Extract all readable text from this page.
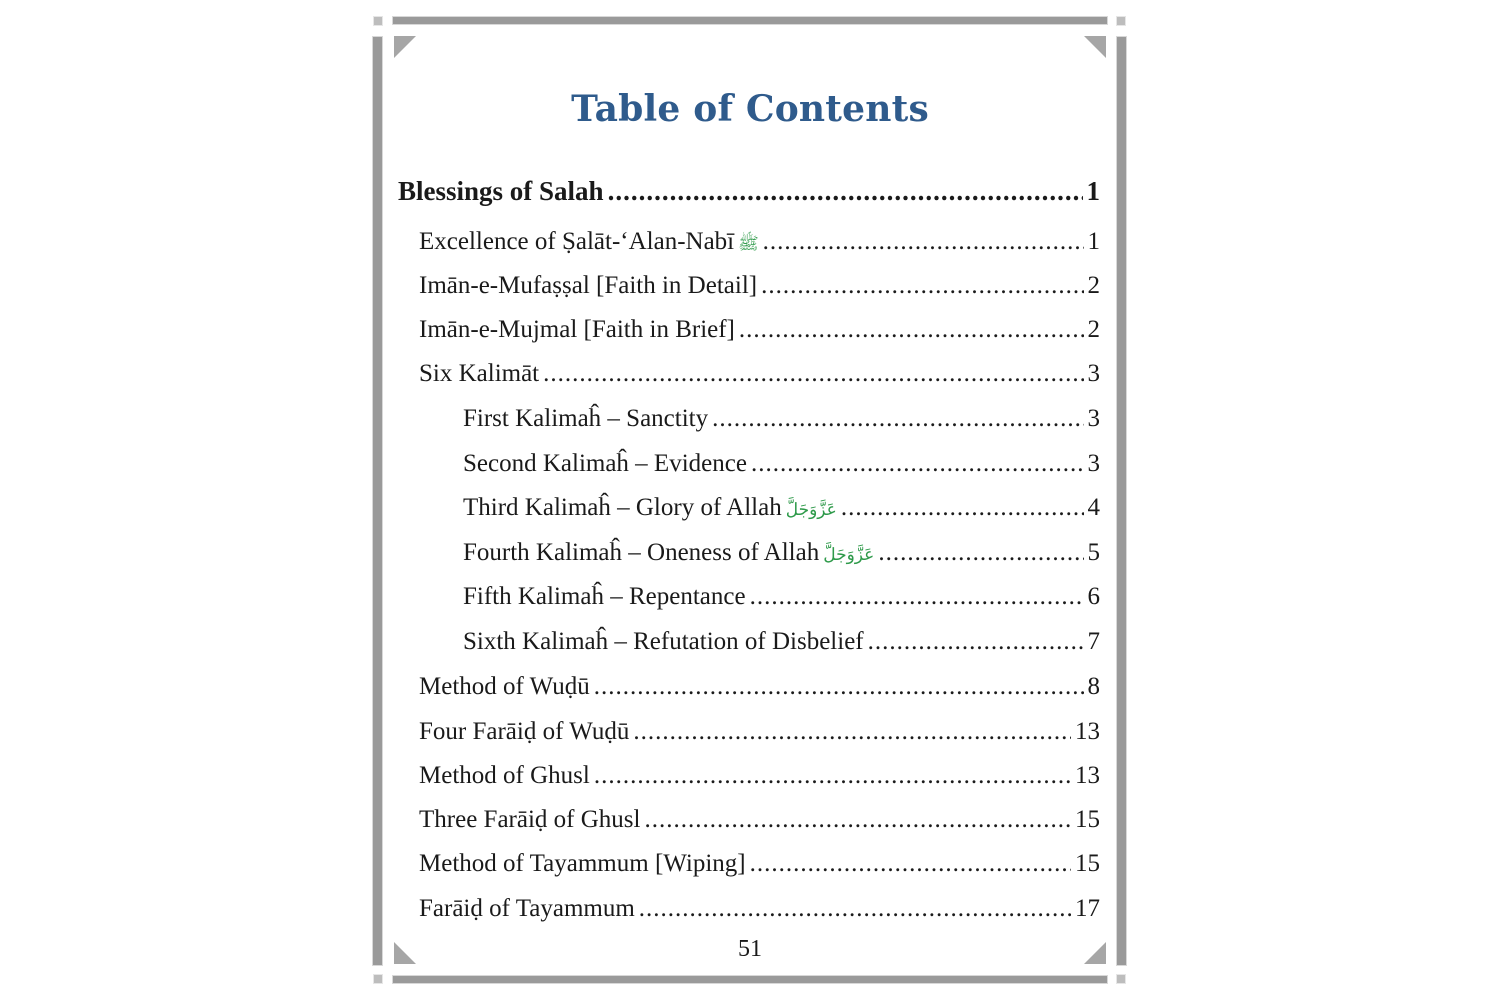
Table of Contents
Blessings of Salah .....	1
Excellence of Ṣalāt-‘Alan-Nabī ﷺ .....	1
Imān-e-Mufaṣṣal [Faith in Detail] .....	2
Imān-e-Mujmal [Faith in Brief] .....	2
Six Kalimāt .....	3
First Kalimaĥ – Sanctity .....	3
Second Kalimaĥ – Evidence .....	3
Third Kalimaĥ – Glory of Allah عَزَّوَجَلَّ .....	4
Fourth Kalimaĥ – Oneness of Allah عَزَّوَجَلَّ .....	5
Fifth Kalimaĥ – Repentance .....	6
Sixth Kalimaĥ – Refutation of Disbelief .....	7
Method of Wuḍū .....	8
Four Farāiḍ of Wuḍū .....	13
Method of Ghusl .....	13
Three Farāiḍ of Ghusl .....	15
Method of Tayammum [Wiping] .....	15
Farāiḍ of Tayammum .....	17
51
